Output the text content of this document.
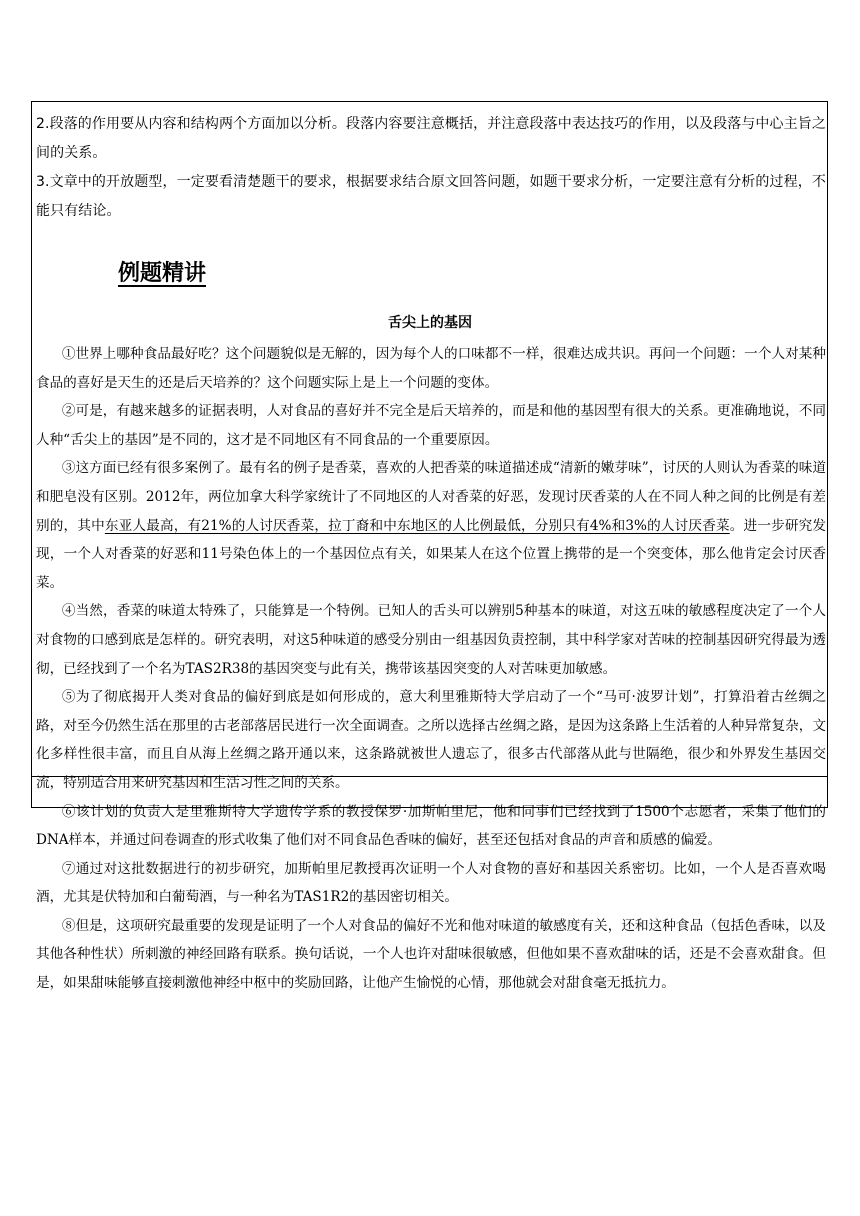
2.段落的作用要从内容和结构两个方面加以分析。段落内容要注意概括，并注意段落中表达技巧的作用，以及段落与中心主旨之间的关系。

3.文章中的开放题型，一定要看清楚题干的要求，根据要求结合原文回答问题，如题干要求分析，一定要注意有分析的过程，不能只有结论。

例题精讲
舌尖上的基因

①世界上哪种食品最好吃？这个问题貌似是无解的，因为每个人的口味都不一样，很难达成共识。再问一个问题：一个人对某种食品的喜好是天生的还是后天培养的？这个问题实际上是上一个问题的变体。

②可是，有越来越多的证据表明，人对食品的喜好并不完全是后天培养的，而是和他的基因型有很大的关系。更准确地说，不同人种“舌尖上的基因”是不同的，这才是不同地区有不同食品的一个重要原因。

③这方面已经有很多案例了。最有名的例子是香菜，喜欢的人把香菜的味道描述成“清新的嫩芽味”，讨厌的人则认为香菜的味道和肥皂没有区别。2012年，两位加拿大科学家统计了不同地区的人对香菜的好恶，发现讨厌香菜的人在不同人种之间的比例是有差别的，其中东亚人最高，有21%的人讨厌香菜，拉丁裔和中东地区的人比例最低，分别只有4%和3%的人讨厌香菜。进一步研究发现，一个人对香菜的好恶和11号染色体上的一个基因位点有关，如果某人在这个位置上携带的是一个突变体，那么他肯定会讨厌香菜。

④当然，香菜的味道太特殊了，只能算是一个特例。已知人的舌头可以辨别5种基本的味道，对这五味的敏感程度决定了一个人对食物的口感到底是怎样的。研究表明，对这5种味道的感受分别由一组基因负责控制，其中科学家对苦味的控制基因研究得最为透彻，已经找到了一个名为TAS2R38的基因突变与此有关，携带该基因突变的人对苦味更加敏感。

⑤为了彻底揭开人类对食品的偏好到底是如何形成的，意大利里雅斯特大学启动了一个“马可·波罗计划”，打算沿着古丝绸之路，对至今仍然生活在那里的古老部落居民进行一次全面调查。之所以选择古丝绸之路，是因为这条路上生活着的人种异常复杂，文化多样性很丰富，而且自从海上丝绸之路开通以来，这条路就被世人遗忘了，很多古代部落从此与世隔绝，很少和外界发生基因交流，特别适合用来研究基因和生活习性之间的关系。

⑥该计划的负责人是里雅斯特大学遗传学系的教授保罗·加斯帕里尼，他和同事们已经找到了1500个志愿者，采集了他们的DNA样本，并通过问卷调查的形式收集了他们对不同食品色香味的偏好，甚至还包括对食品的声音和质感的偏爱。

⑦通过对这批数据进行的初步研究，加斯帕里尼教授再次证明一个人对食物的喜好和基因关系密切。比如，一个人是否喜欢喝酒，尤其是伏特加和白葡萄酒，与一种名为TAS1R2的基因密切相关。

⑧但是，这项研究最重要的发现是证明了一个人对食品的偏好不光和他对味道的敏感度有关，还和这种食品（包括色香味，以及其他各种性状）所刺激的神经回路有联系。换句话说，一个人也许对甜味很敏感，但他如果不喜欢甜味的话，还是不会喜欢甜食。但是，如果甜味能够直接刺激他神经中枢中的奖励回路，让他产生愉悦的心情，那他就会对甜食毫无抵抗力。
